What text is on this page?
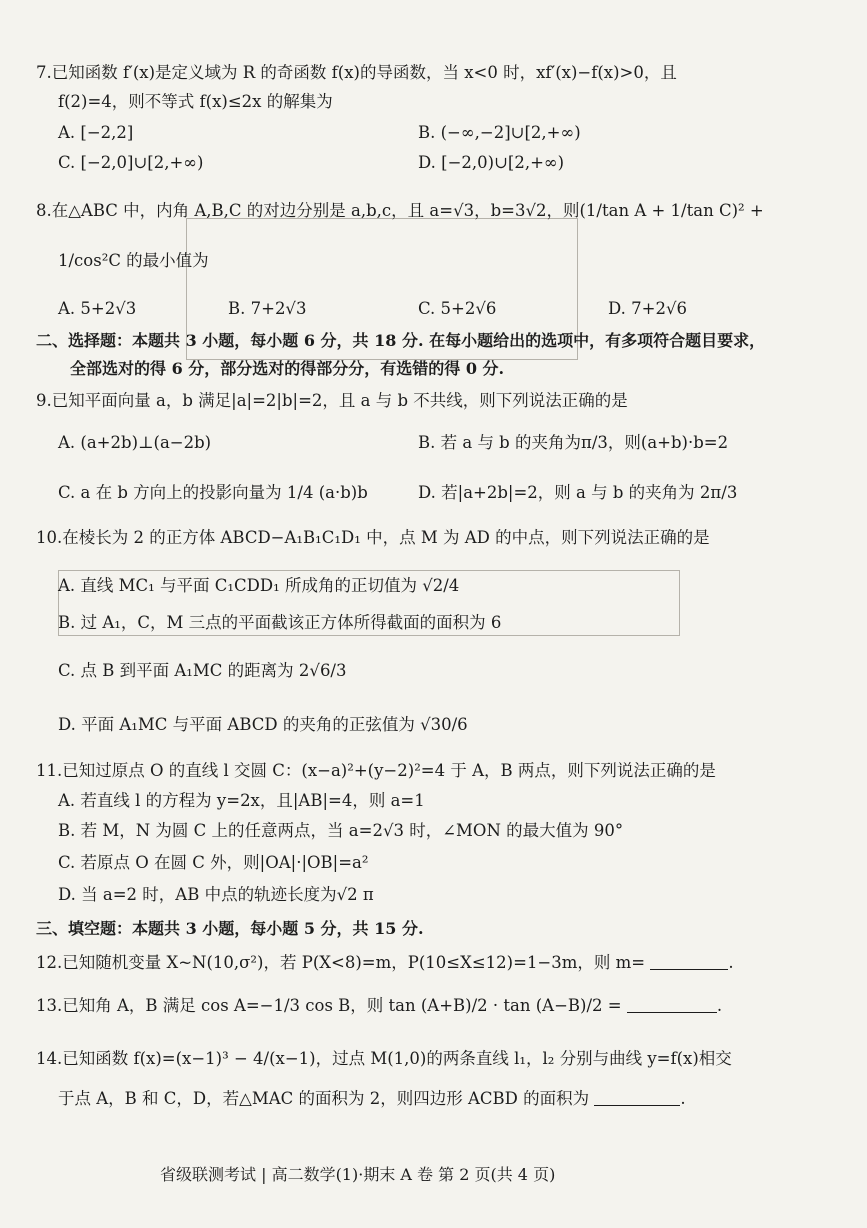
7.已知函数 f′(x)是定义域为 R 的奇函数 f(x)的导函数，当 x<0 时，xf′(x)−f(x)>0，且
f(2)=4，则不等式 f(x)≤2x 的解集为
A. [−2,2]	B. (−∞,−2]∪[2,+∞)
C. [−2,0]∪[2,+∞)	D. [−2,0)∪[2,+∞)
8.在△ABC 中，内角 A,B,C 的对边分别是 a,b,c，且 a=√3，b=3√2，则(1/tan A + 1/tan C)² +
1/cos²C 的最小值为
A. 5+2√3	B. 7+2√3	C. 5+2√6	D. 7+2√6
二、选择题：本题共 3 小题，每小题 6 分，共 18 分. 在每小题给出的选项中，有多项符合题目要求，
全部选对的得 6 分，部分选对的得部分分，有选错的得 0 分.
9.已知平面向量 a，b 满足|a|=2|b|=2，且 a 与 b 不共线，则下列说法正确的是
A. (a+2b)⊥(a−2b)	B. 若 a 与 b 的夹角为π/3，则(a+b)·b=2
C. a 在 b 方向上的投影向量为 1/4 (a·b)b	D. 若|a+2b|=2，则 a 与 b 的夹角为 2π/3
10.在棱长为 2 的正方体 ABCD−A₁B₁C₁D₁ 中，点 M 为 AD 的中点，则下列说法正确的是
A. 直线 MC₁ 与平面 C₁CDD₁ 所成角的正切值为 √2/4
B. 过 A₁，C，M 三点的平面截该正方体所得截面的面积为 6
C. 点 B 到平面 A₁MC 的距离为 2√6/3
D. 平面 A₁MC 与平面 ABCD 的夹角的正弦值为 √30/6
11.已知过原点 O 的直线 l 交圆 C：(x−a)²+(y−2)²=4 于 A，B 两点，则下列说法正确的是
A. 若直线 l 的方程为 y=2x，且|AB|=4，则 a=1
B. 若 M，N 为圆 C 上的任意两点，当 a=2√3 时，∠MON 的最大值为 90°
C. 若原点 O 在圆 C 外，则|OA|·|OB|=a²
D. 当 a=2 时，AB 中点的轨迹长度为√2 π
三、填空题：本题共 3 小题，每小题 5 分，共 15 分.
12.已知随机变量 X~N(10,σ²)，若 P(X<8)=m，P(10≤X≤12)=1−3m，则 m=	.
13.已知角 A，B 满足 cos A=−1/3 cos B，则 tan (A+B)/2 · tan (A−B)/2 =	.
14.已知函数 f(x)=(x−1)³ − 4/(x−1)，过点 M(1,0)的两条直线 l₁，l₂ 分别与曲线 y=f(x)相交
于点 A，B 和 C，D，若△MAC 的面积为 2，则四边形 ACBD 的面积为	.
省级联测考试 | 高二数学(1)·期末 A 卷 第 2 页(共 4 页)
